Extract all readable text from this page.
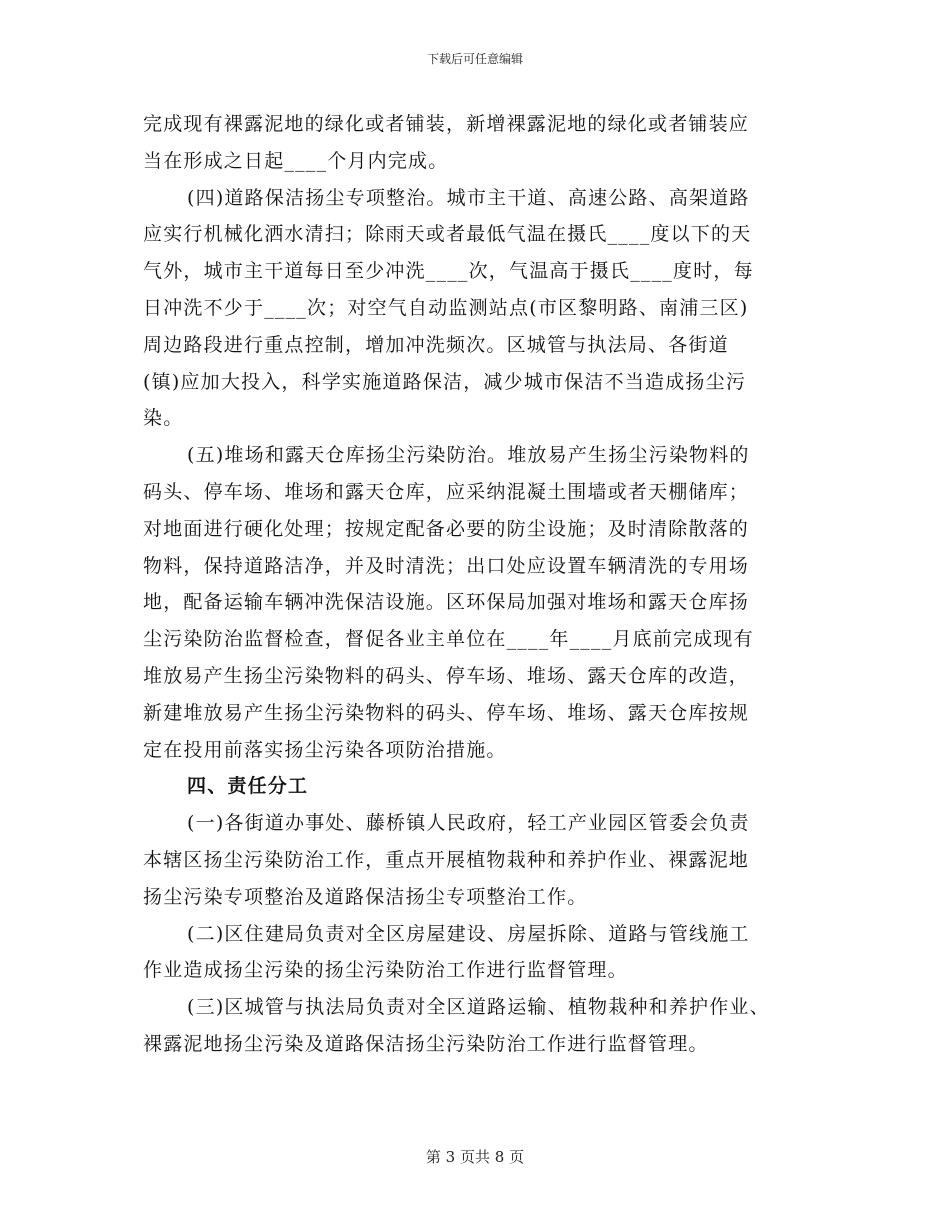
下载后可任意编辑
完成现有裸露泥地的绿化或者铺装，新增裸露泥地的绿化或者铺装应
当在形成之日起____个月内完成。
(四)道路保洁扬尘专项整治。城市主干道、高速公路、高架道路
应实行机械化洒水清扫；除雨天或者最低气温在摄氏____度以下的天
气外，城市主干道每日至少冲洗____次，气温高于摄氏____度时，每
日冲洗不少于____次；对空气自动监测站点(市区黎明路、南浦三区)
周边路段进行重点控制，增加冲洗频次。区城管与执法局、各街道
(镇)应加大投入，科学实施道路保洁，减少城市保洁不当造成扬尘污
染。
(五)堆场和露天仓库扬尘污染防治。堆放易产生扬尘污染物料的
码头、停车场、堆场和露天仓库，应采纳混凝土围墙或者天棚储库；
对地面进行硬化处理；按规定配备必要的防尘设施；及时清除散落的
物料，保持道路洁净，并及时清洗；出口处应设置车辆清洗的专用场
地，配备运输车辆冲洗保洁设施。区环保局加强对堆场和露天仓库扬
尘污染防治监督检查，督促各业主单位在____年____月底前完成现有
堆放易产生扬尘污染物料的码头、停车场、堆场、露天仓库的改造，
新建堆放易产生扬尘污染物料的码头、停车场、堆场、露天仓库按规
定在投用前落实扬尘污染各项防治措施。
四、责任分工
(一)各街道办事处、藤桥镇人民政府，轻工产业园区管委会负责
本辖区扬尘污染防治工作，重点开展植物栽种和养护作业、裸露泥地
扬尘污染专项整治及道路保洁扬尘专项整治工作。
(二)区住建局负责对全区房屋建设、房屋拆除、道路与管线施工
作业造成扬尘污染的扬尘污染防治工作进行监督管理。
(三)区城管与执法局负责对全区道路运输、植物栽种和养护作业、
裸露泥地扬尘污染及道路保洁扬尘污染防治工作进行监督管理。
第 3 页共 8 页
